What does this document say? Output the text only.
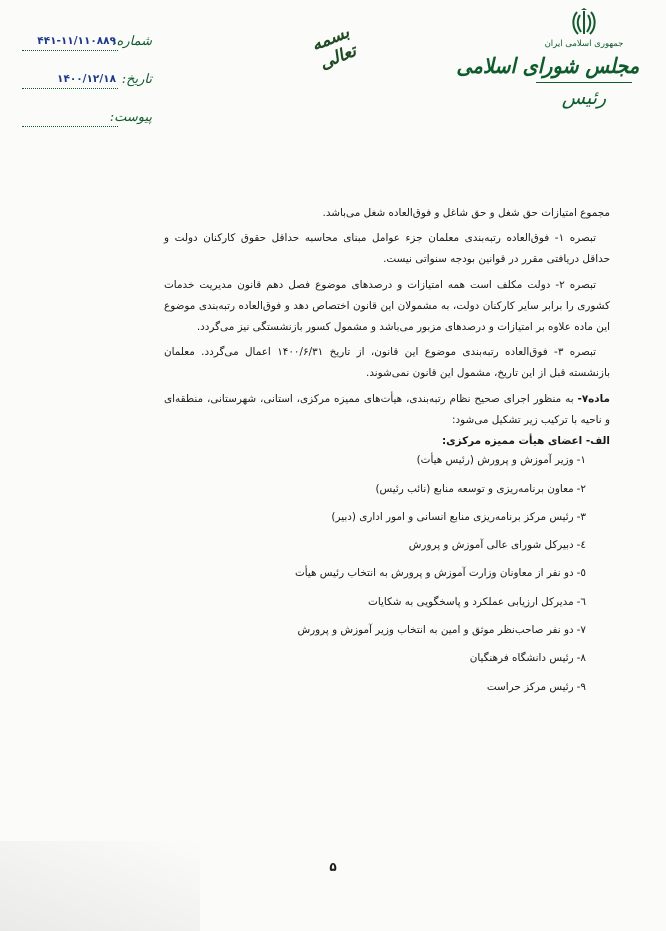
جمهوری اسلامی ایران
مجلس شورای اسلامی
رئیس
بسمه تعالی
شماره:
۴۴۱-۱۱/۱۱۰۸۸۹
تاریخ:
۱۴۰۰/۱۲/۱۸
پیوست:

مجموع امتیازات حق شغل و حق شاغل و فوق‌العاده شغل می‌باشد.

تبصره ۱- فوق‌العاده رتبه‌بندی معلمان جزء عوامل مبنای محاسبه حداقل حقوق کارکنان دولت و حداقل دریافتی مقرر در قوانین بودجه سنواتی نیست.

تبصره ۲- دولت مکلف است همه امتیازات و درصدهای موضوع فصل دهم قانون مدیریت خدمات کشوری را برابر سایر کارکنان دولت، به مشمولان این قانون اختصاص دهد و فوق‌العاده رتبه‌بندی موضوع این ماده علاوه بر امتیازات و درصدهای مزبور می‌باشد و مشمول کسور بازنشستگی نیز می‌گردد.

تبصره ۳- فوق‌العاده رتبه‌بندی موضوع این قانون، از تاریخ ۱۴۰۰/۶/۳۱ اعمال می‌گردد. معلمان بازنشسته قبل از این تاریخ، مشمول این قانون نمی‌شوند.

ماده۷- به منظور اجرای صحیح نظام رتبه‌بندی، هیأت‌های ممیزه مرکزی، استانی، شهرستانی، منطقه‌ای و ناحیه با ترکیب زیر تشکیل می‌شود:

الف- اعضای هیأت ممیزه مرکزی:

۱-وزیر آموزش و پرورش (رئیس هیأت)
۲-معاون برنامه‌ریزی و توسعه منابع (نائب رئیس)
۳-رئیس مرکز برنامه‌ریزی منابع انسانی و امور اداری (دبیر)
٤-دبیرکل شورای عالی آموزش و پرورش
٥-دو نفر از معاونان وزارت آموزش و پرورش به انتخاب رئیس هیأت
٦-مدیرکل ارزیابی عملکرد و پاسخگویی به شکایات
۷-دو نفر صاحب‌نظر موثق و امین به انتخاب وزیر آموزش و پرورش
۸-رئیس دانشگاه فرهنگیان
۹-رئیس مرکز حراست
۵
